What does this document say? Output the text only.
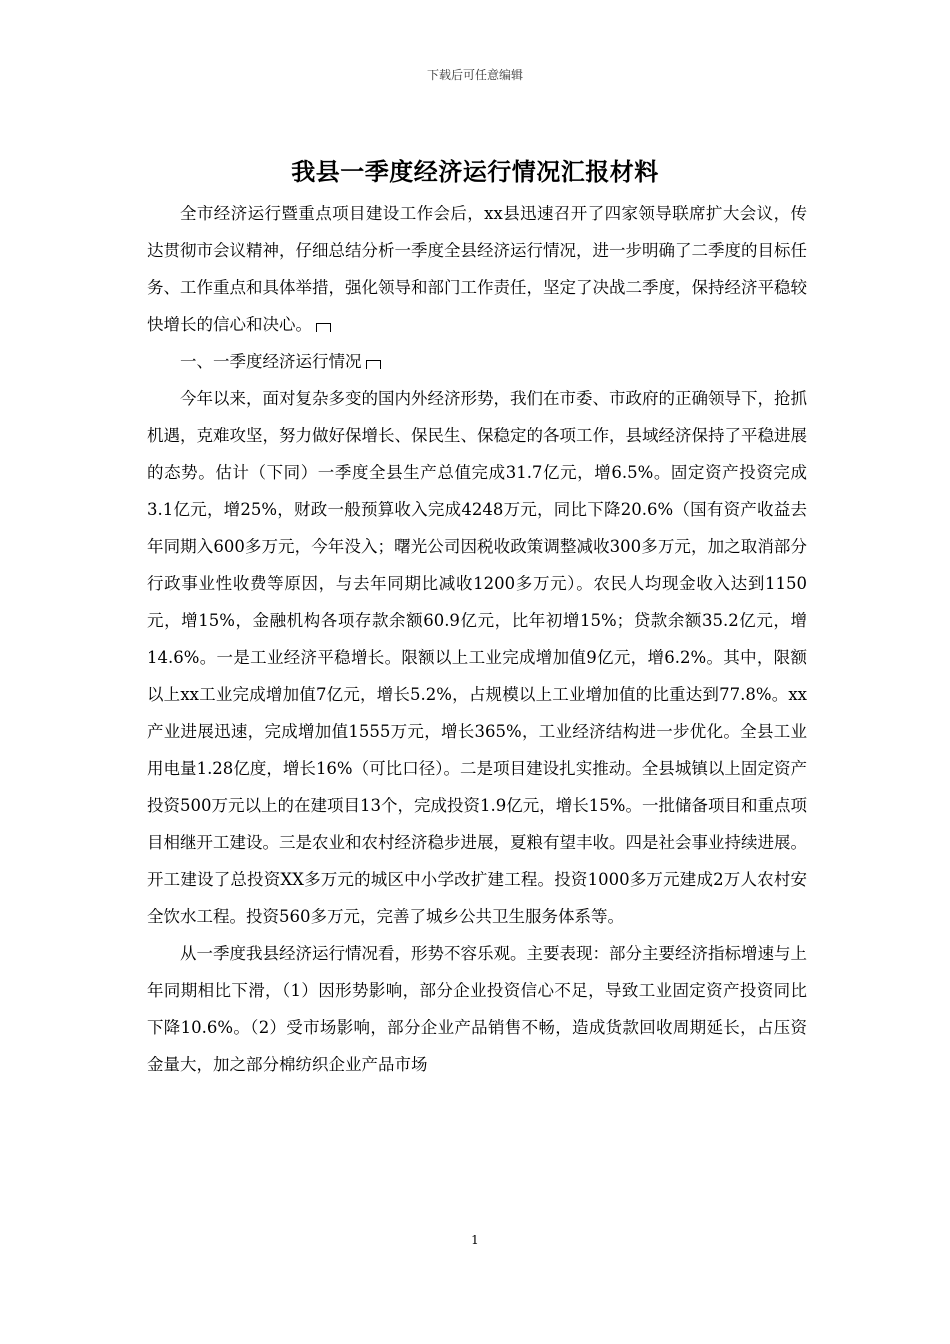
下载后可任意编辑
我县一季度经济运行情况汇报材料

全市经济运行暨重点项目建设工作会后，xx县迅速召开了四家领导联席扩大会议，传达贯彻市会议精神，仔细总结分析一季度全县经济运行情况，进一步明确了二季度的目标任务、工作重点和具体举措，强化领导和部门工作责任，坚定了决战二季度，保持经济平稳较快增长的信心和决心。

一、一季度经济运行情况

今年以来，面对复杂多变的国内外经济形势，我们在市委、市政府的正确领导下，抢抓机遇，克难攻坚，努力做好保增长、保民生、保稳定的各项工作，县域经济保持了平稳进展的态势。估计（下同）一季度全县生产总值完成31.7亿元，增6.5%。固定资产投资完成3.1亿元，增25%，财政一般预算收入完成4248万元，同比下降20.6%（国有资产收益去年同期入600多万元，今年没入；曙光公司因税收政策调整减收300多万元，加之取消部分行政事业性收费等原因，与去年同期比减收1200多万元）。农民人均现金收入达到1150元，增15%，金融机构各项存款余额60.9亿元，比年初增15%；贷款余额35.2亿元，增14.6%。一是工业经济平稳增长。限额以上工业完成增加值9亿元，增6.2%。其中，限额以上xx工业完成增加值7亿元，增长5.2%，占规模以上工业增加值的比重达到77.8%。xx产业进展迅速，完成增加值1555万元，增长365%，工业经济结构进一步优化。全县工业用电量1.28亿度，增长16%（可比口径）。二是项目建设扎实推动。全县城镇以上固定资产投资500万元以上的在建项目13个，完成投资1.9亿元，增长15%。一批储备项目和重点项目相继开工建设。三是农业和农村经济稳步进展，夏粮有望丰收。四是社会事业持续进展。开工建设了总投资XX多万元的城区中小学改扩建工程。投资1000多万元建成2万人农村安全饮水工程。投资560多万元，完善了城乡公共卫生服务体系等。

从一季度我县经济运行情况看，形势不容乐观。主要表现：部分主要经济指标增速与上年同期相比下滑，（1）因形势影响，部分企业投资信心不足，导致工业固定资产投资同比下降10.6%。（2）受市场影响，部分企业产品销售不畅，造成货款回收周期延长，占压资金量大，加之部分棉纺织企业产品市场

1
